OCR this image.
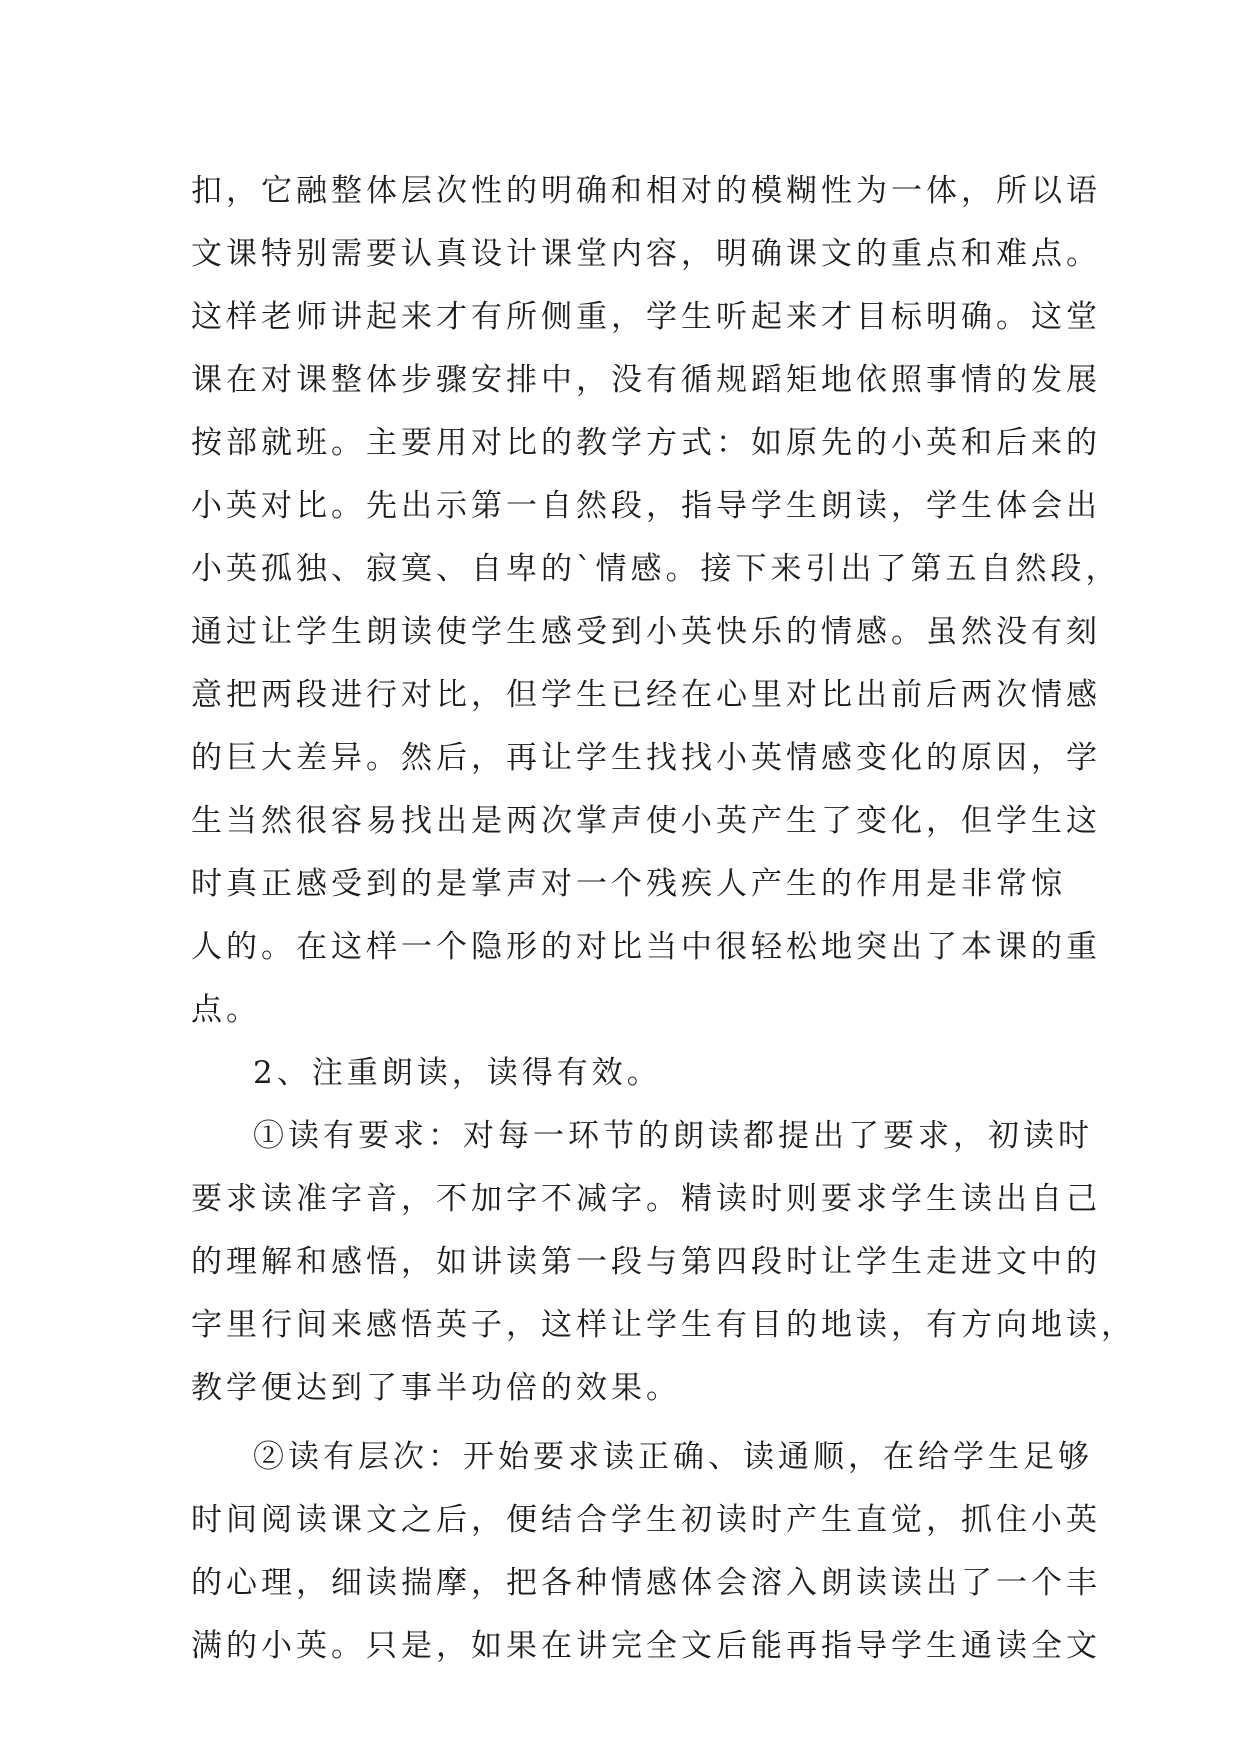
扣，它融整体层次性的明确和相对的模糊性为一体，所以语
文课特别需要认真设计课堂内容，明确课文的重点和难点。
这样老师讲起来才有所侧重，学生听起来才目标明确。这堂
课在对课整体步骤安排中，没有循规蹈矩地依照事情的发展
按部就班。主要用对比的教学方式：如原先的小英和后来的
小英对比。先出示第一自然段，指导学生朗读，学生体会出
小英孤独、寂寞、自卑的`情感。接下来引出了第五自然段，
通过让学生朗读使学生感受到小英快乐的情感。虽然没有刻
意把两段进行对比，但学生已经在心里对比出前后两次情感
的巨大差异。然后，再让学生找找小英情感变化的原因，学
生当然很容易找出是两次掌声使小英产生了变化，但学生这
时真正感受到的是掌声对一个残疾人产生的作用是非常惊
人的。在这样一个隐形的对比当中很轻松地突出了本课的重
点。
2、注重朗读，读得有效。
①读有要求：对每一环节的朗读都提出了要求，初读时
要求读准字音，不加字不减字。精读时则要求学生读出自己
的理解和感悟，如讲读第一段与第四段时让学生走进文中的
字里行间来感悟英子，这样让学生有目的地读，有方向地读，
教学便达到了事半功倍的效果。
②读有层次：开始要求读正确、读通顺，在给学生足够
时间阅读课文之后，便结合学生初读时产生直觉，抓住小英
的心理，细读揣摩，把各种情感体会溶入朗读读出了一个丰
满的小英。只是，如果在讲完全文后能再指导学生通读全文
